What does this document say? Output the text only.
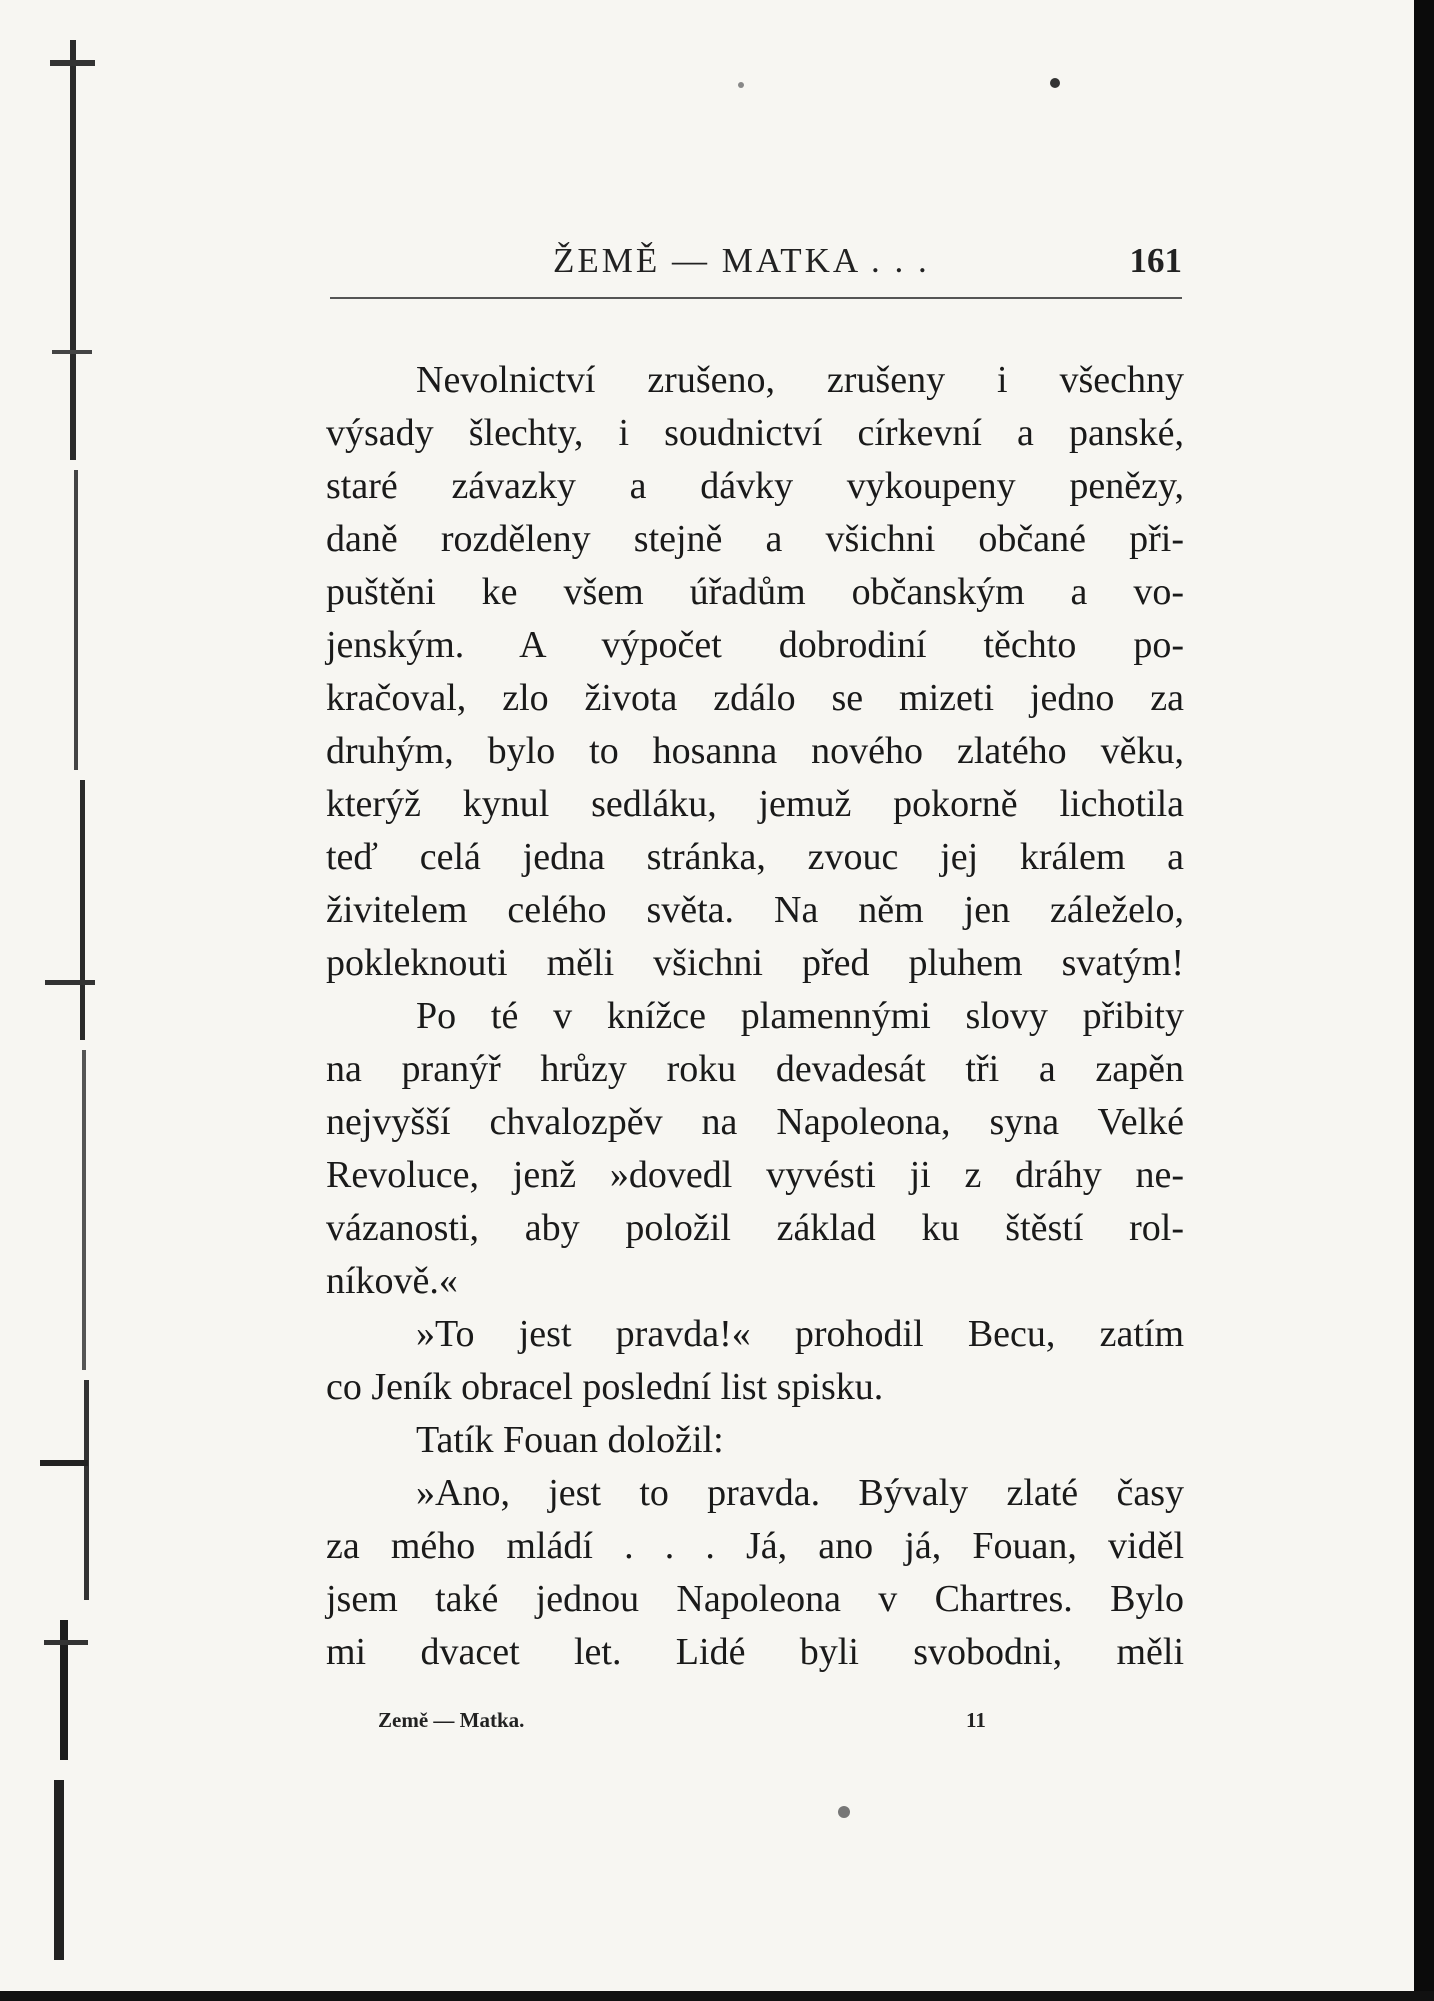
ŽEMĚ — MATKA . . .	161
Nevolnictví zrušeno, zrušeny i všechny
výsady šlechty, i soudnictví církevní a panské,
staré závazky a dávky vykoupeny penězy,
daně rozděleny stejně a všichni občané při-
puštěni ke všem úřadům občanským a vo-
jenským. A výpočet dobrodiní těchto po-
kračoval, zlo života zdálo se mizeti jedno za
druhým, bylo to hosanna nového zlatého věku,
kterýž kynul sedláku, jemuž pokorně lichotila
teď celá jedna stránka, zvouc jej králem a
živitelem celého světa. Na něm jen záleželo,
pokleknouti měli všichni před pluhem svatým!
Po té v knížce plamennými slovy přibity
na pranýř hrůzy roku devadesát tři a zapěn
nejvyšší chvalozpěv na Napoleona, syna Velké
Revoluce, jenž »dovedl vyvésti ji z dráhy ne-
vázanosti, aby položil základ ku štěstí rol-
níkově.«
»To jest pravda!« prohodil Becu, zatím
co Jeník obracel poslední list spisku.
Tatík Fouan doložil:
»Ano, jest to pravda. Bývaly zlaté časy
za mého mládí . . . Já, ano já, Fouan, viděl
jsem také jednou Napoleona v Chartres. Bylo
mi dvacet let. Lidé byli svobodni, měli
Země — Matka.	11
